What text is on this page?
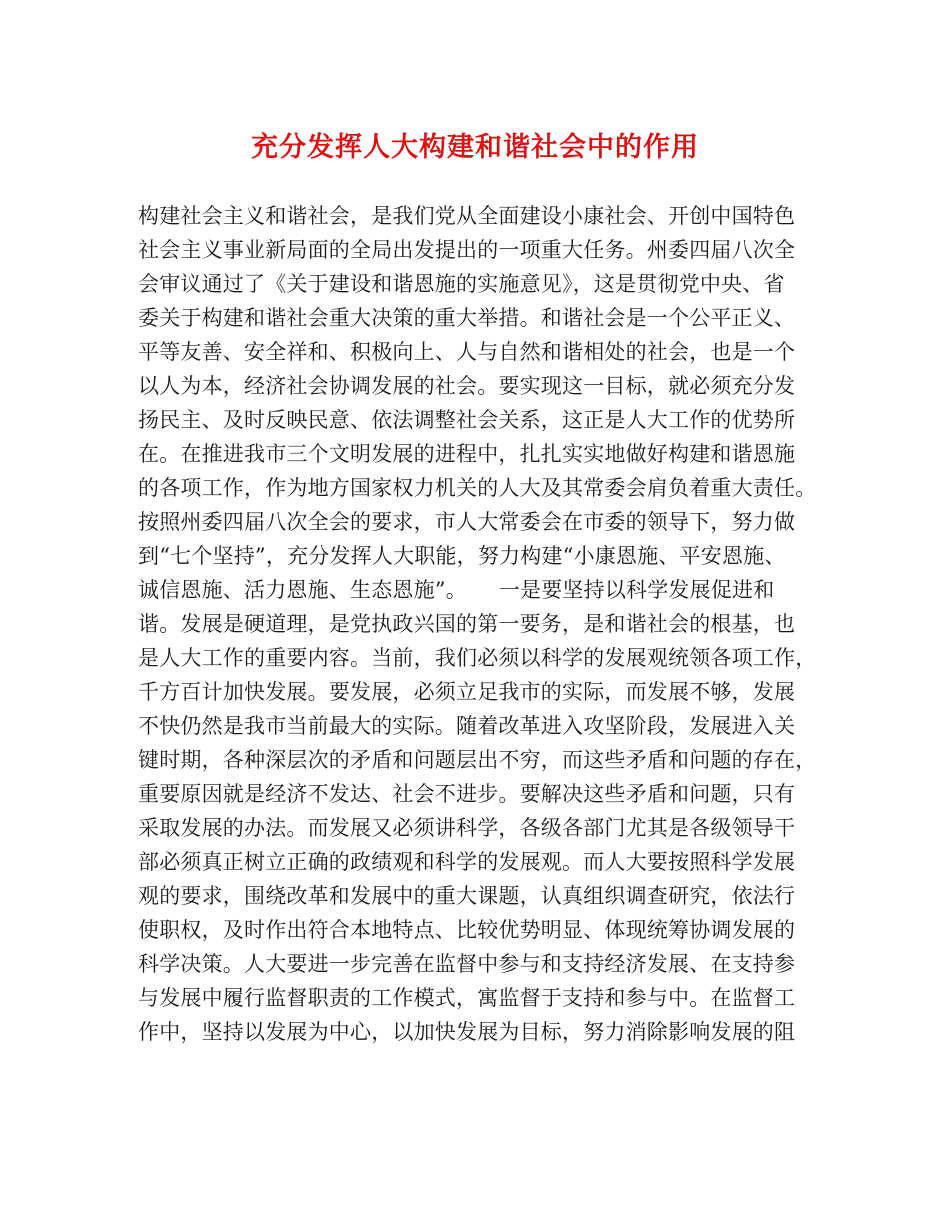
充分发挥人大构建和谐社会中的作用
构建社会主义和谐社会，是我们党从全面建设小康社会、开创中国特色
社会主义事业新局面的全局出发提出的一项重大任务。州委四届八次全
会审议通过了《关于建设和谐恩施的实施意见》，这是贯彻党中央、省
委关于构建和谐社会重大决策的重大举措。和谐社会是一个公平正义、
平等友善、安全祥和、积极向上、人与自然和谐相处的社会，也是一个
以人为本，经济社会协调发展的社会。要实现这一目标，就必须充分发
扬民主、及时反映民意、依法调整社会关系，这正是人大工作的优势所
在。在推进我市三个文明发展的进程中，扎扎实实地做好构建和谐恩施
的各项工作，作为地方国家权力机关的人大及其常委会肩负着重大责任。
按照州委四届八次全会的要求，市人大常委会在市委的领导下，努力做
到“七个坚持”，充分发挥人大职能，努力构建“小康恩施、平安恩施、
诚信恩施、活力恩施、生态恩施”。　　一是要坚持以科学发展促进和
谐。发展是硬道理，是党执政兴国的第一要务，是和谐社会的根基，也
是人大工作的重要内容。当前，我们必须以科学的发展观统领各项工作，
千方百计加快发展。要发展，必须立足我市的实际，而发展不够，发展
不快仍然是我市当前最大的实际。随着改革进入攻坚阶段，发展进入关
键时期，各种深层次的矛盾和问题层出不穷，而这些矛盾和问题的存在，
重要原因就是经济不发达、社会不进步。要解决这些矛盾和问题，只有
采取发展的办法。而发展又必须讲科学，各级各部门尤其是各级领导干
部必须真正树立正确的政绩观和科学的发展观。而人大要按照科学发展
观的要求，围绕改革和发展中的重大课题，认真组织调查研究，依法行
使职权，及时作出符合本地特点、比较优势明显、体现统筹协调发展的
科学决策。人大要进一步完善在监督中参与和支持经济发展、在支持参
与发展中履行监督职责的工作模式，寓监督于支持和参与中。在监督工
作中，坚持以发展为中心，以加快发展为目标，努力消除影响发展的阻
